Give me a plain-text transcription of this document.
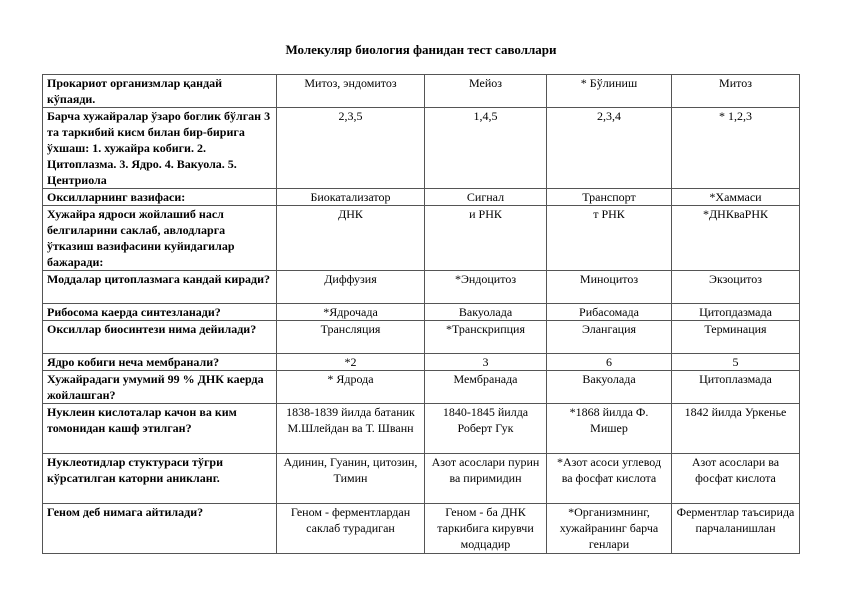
Молекуляр биология фанидан тест саволлари
Прокариот организмлар қандай кўпаяди.	Митоз, эндомитоз	Мейоз	* Бўлиниш	Митоз
Барча хужайралар ўзаро боглик бўлган 3 та таркибий кисм билан бир-бирига ўхшаш: 1. хужайра кобиги. 2. Цитоплазма. 3. Ядро. 4. Вакуола. 5. Центриола	2,3,5	1,4,5	2,3,4	* 1,2,3
Оксилларнинг вазифаси:	Биокатализатор	Сигнал	Транспорт	*Хаммаси
Хужайра ядроси жойлашиб насл белгиларини саклаб, авлодларга ўтказиш вазифасини куйидагилар бажаради:	ДНК	и РНК	т РНК	*ДНКваРНК
Моддалар цитоплазмага кандай киради?	Диффузия	*Эндоцитоз	Миноцитоз	Экзоцитоз
Рибосома каерда синтезланади?	*Ядрочада	Вакуолада	Рибасомада	Цитопдазмада
Оксиллар биосинтези нима дейилади?	Трансляция	*Транскрипция	Элангация	Терминация
Ядро кобиги неча мембранали?	*2	3	6	5
Хужайрадаги умумий 99 % ДНК каерда жойлашган?	* Ядрода	Мембранада	Вакуолада	Цитоплазмада
Нуклеин кислоталар качон ва ким томонидан кашф этилган?	1838-1839 йилда батаник М.Шлейдан ва Т. Шванн	1840-1845 йилда Роберт Гук	*1868 йилда Ф. Мишер	1842 йилда Уркенье
Нуклеотидлар стуктураси тўгри кўрсатилган каторни аникланг.	Адинин, Гуанин, цитозин, Тимин	Азот асослари пурин ва пиримидин	*Азот асоси углевод ва фосфат кислота	Азот асослари ва фосфат кислота
Геном деб нимага айтилади?	Геном - ферментлардан саклаб турадиган	Геном - ба ДНК таркибига кирувчи модцадир	*Организмнинг, хужайранинг барча генлари	Ферментлар таъсирида парчаланишлан
